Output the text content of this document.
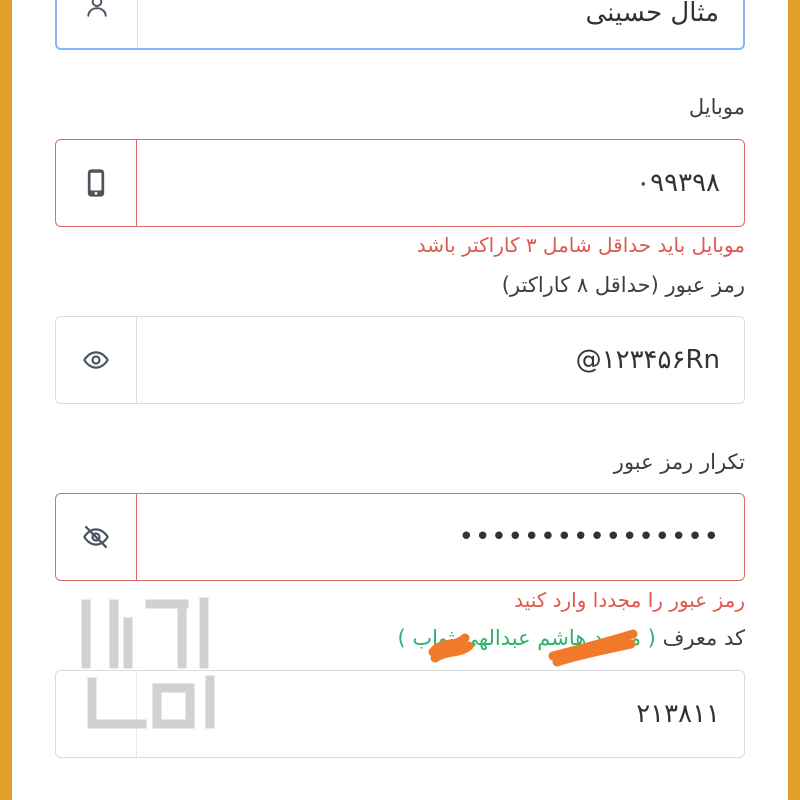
مثال حسینی
موبایل
۰۹۹۳۹۸
موبایل باید حداقل شامل ۳ کاراکتر باشد
رمز عبور (حداقل ۸ کاراکتر)
۱۲۳۴۵۶Rn@
تکرار رمز عبور
••••••••••••••••
رمز عبور را مجددا وارد کنید
کد معرف ( محمد هاشم عبدالهی ثواب )
۲۱۳۸۱۱
